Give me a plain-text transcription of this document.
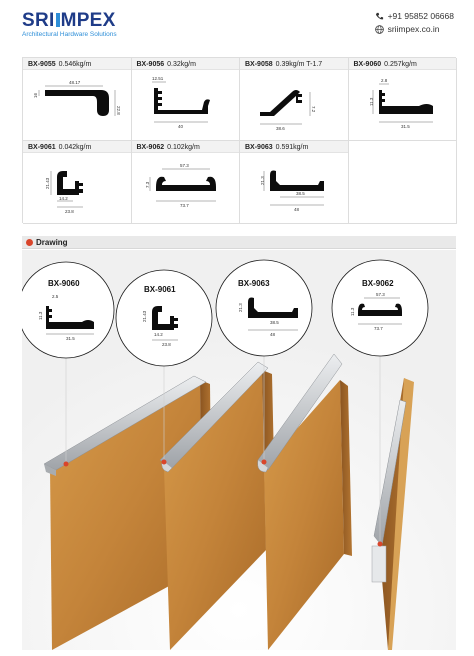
SRI MPEX
Architectural Hardware Solutions
+91 95852 06668
sriimpex.co.in
BX-9055 0.546kg/m
48.17
22.8
16
BX-9056 0.32kg/m
12.51
40
BX-9058 0.39kg/m T-1.7
7.2
38.6
BX-9060 0.257kg/m
2.8
11.3
31.5
BX-9061 0.042kg/m
21.43
14.2
23.8
BX-9062 0.102kg/m
57.3
7.3
73.7
BX-9063 0.591kg/m
21.3
38.5
48
Drawing
BX-9060
2.5
11.3
31.5
BX-9061
21.43
14.2
23.8
BX-9063
21.3
38.5
48
BX-9062
57.3
11.3
73.7
